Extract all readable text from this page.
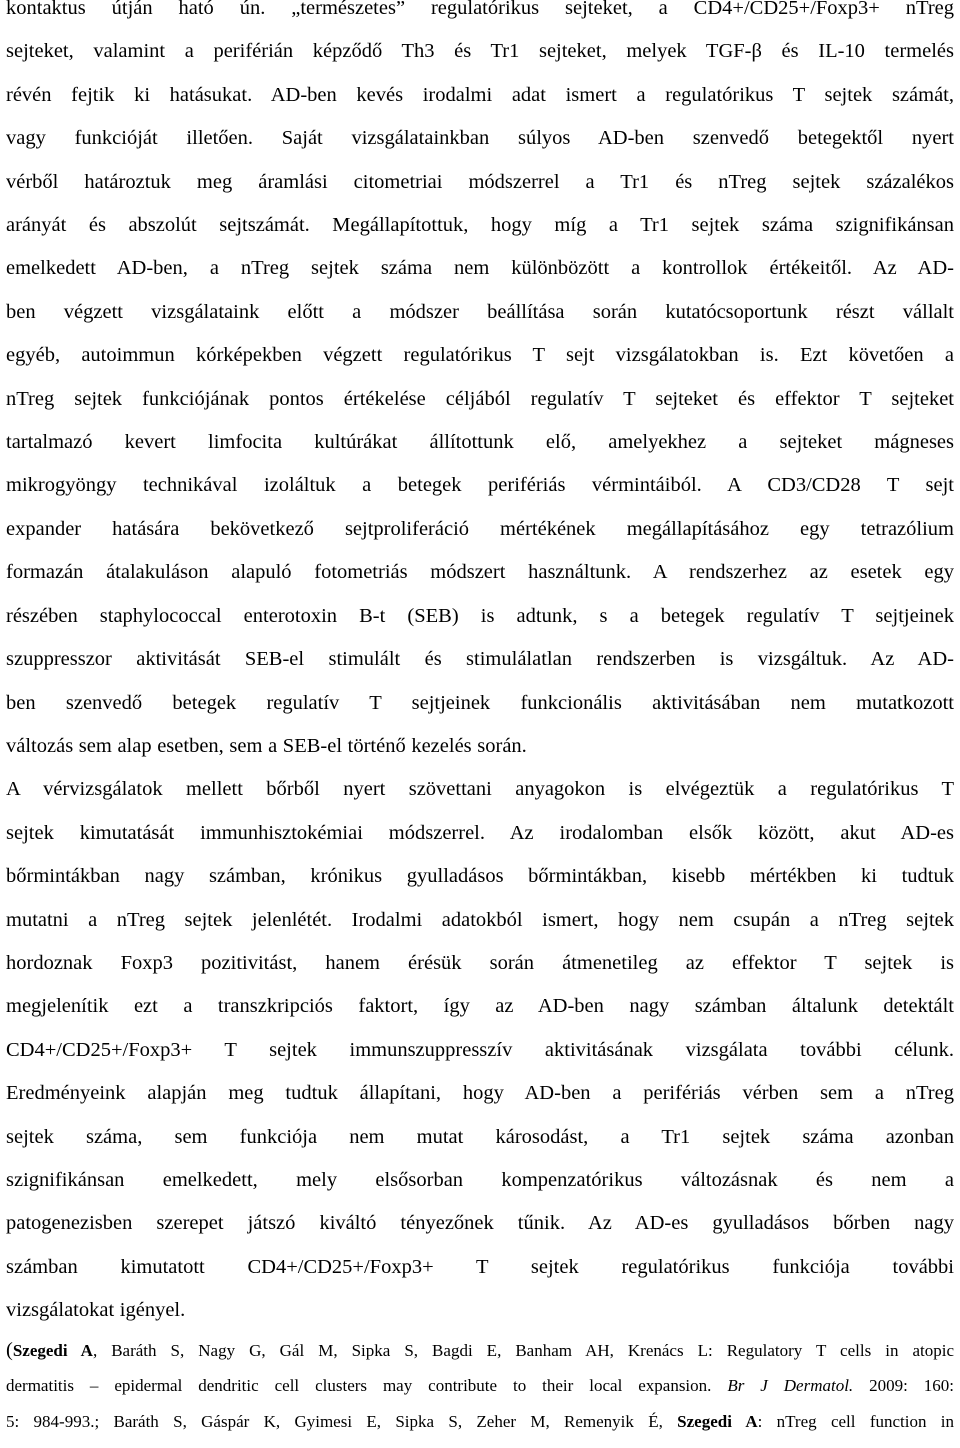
kontaktus útján ható ún. „természetes” regulatórikus sejteket, a CD4+/CD25+/Foxp3+ nTreg
sejteket, valamint a periférián képződő Th3 és Tr1 sejteket, melyek TGF-β és IL-10 termelés
révén fejtik ki hatásukat. AD-ben kevés irodalmi adat ismert a regulatórikus T sejtek számát,
vagy funkcióját illetően. Saját vizsgálatainkban súlyos AD-ben szenvedő betegektől nyert
vérből határoztuk meg áramlási citometriai módszerrel a Tr1 és nTreg sejtek százalékos
arányát és abszolút sejtszámát. Megállapítottuk, hogy míg a Tr1 sejtek száma szignifikánsan
emelkedett AD-ben, a nTreg sejtek száma nem különbözött a kontrollok értékeitől. Az AD-
ben végzett vizsgálataink előtt a módszer beállítása során kutatócsoportunk részt vállalt
egyéb, autoimmun kórképekben végzett regulatórikus T sejt vizsgálatokban is. Ezt követően a
nTreg sejtek funkciójának pontos értékelése céljából regulatív T sejteket és effektor T sejteket
tartalmazó kevert limfocita kultúrákat állítottunk elő, amelyekhez a sejteket mágneses
mikrogyöngy technikával izoláltuk a betegek perifériás vérmintáiból. A CD3/CD28 T sejt
expander hatására bekövetkező sejtproliferáció mértékének megállapításához egy tetrazólium
formazán átalakuláson alapuló fotometriás módszert használtunk. A rendszerhez az esetek egy
részében staphylococcal enterotoxin B-t (SEB) is adtunk, s a betegek regulatív T sejtjeinek
szuppresszor aktivitását SEB-el stimulált és stimulálatlan rendszerben is vizsgáltuk. Az AD-
ben szenvedő betegek regulatív T sejtjeinek funkcionális aktivitásában nem mutatkozott
változás sem alap esetben, sem a SEB-el történő kezelés során.
A vérvizsgálatok mellett bőrből nyert szövettani anyagokon is elvégeztük a regulatórikus T
sejtek kimutatását immunhisztokémiai módszerrel. Az irodalomban elsők között, akut AD-es
bőrmintákban nagy számban, krónikus gyulladásos bőrmintákban, kisebb mértékben ki tudtuk
mutatni a nTreg sejtek jelenlétét. Irodalmi adatokból ismert, hogy nem csupán a nTreg sejtek
hordoznak Foxp3 pozitivitást, hanem érésük során átmenetileg az effektor T sejtek is
megjelenítik ezt a transzkripciós faktort, így az AD-ben nagy számban általunk detektált
CD4+/CD25+/Foxp3+ T sejtek immunszuppresszív aktivitásának vizsgálata további célunk.
Eredményeink alapján meg tudtuk állapítani, hogy AD-ben a perifériás vérben sem a nTreg
sejtek száma, sem funkciója nem mutat károsodást, a Tr1 sejtek száma azonban
szignifikánsan emelkedett, mely elsősorban kompenzatórikus változásnak és nem a
patogenezisben szerepet játszó kiváltó tényezőnek tűnik. Az AD-es gyulladásos bőrben nagy
számban kimutatott CD4+/CD25+/Foxp3+ T sejtek regulatórikus funkciója további
vizsgálatokat igényel.
(Szegedi A, Baráth S, Nagy G, Gál M, Sipka S, Bagdi E, Banham AH, Krenács L: Regulatory T cells in atopic
dermatitis – epidermal dendritic cell clusters may contribute to their local expansion. Br J Dermatol. 2009: 160:
5: 984-993.; Baráth S, Gáspár K, Gyimesi E, Sipka S, Zeher M, Remenyik É, Szegedi A: nTreg cell function in
